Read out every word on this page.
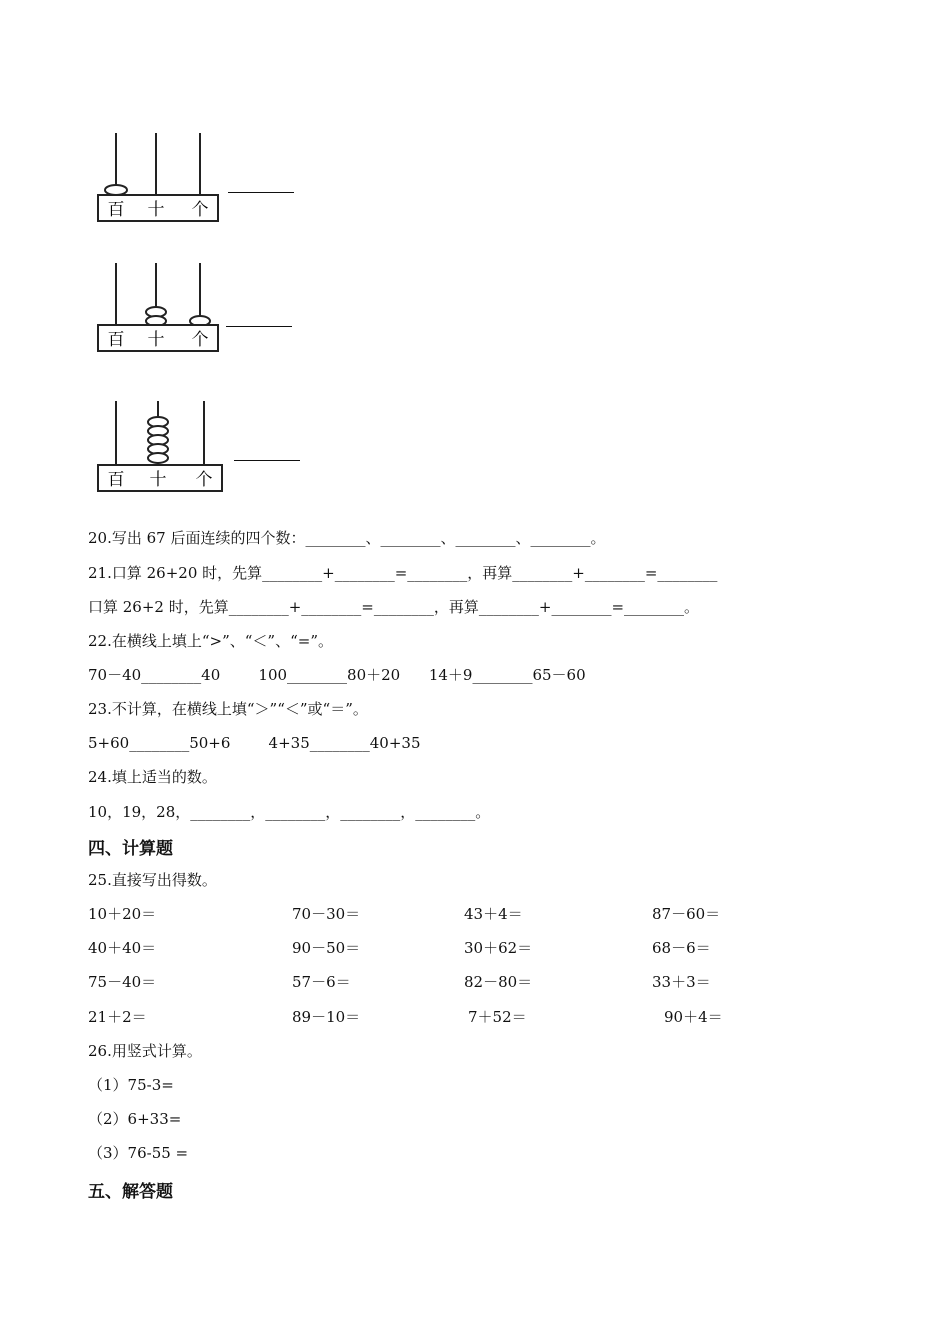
百 十 个
百 十 个
百 十 个
20.写出 67 后面连续的四个数：________、________、________、________。
21.口算 26+20 时，先算________+________=________，再算________+________=________
口算 26+2 时，先算________+________=________，再算________+________=________。
22.在横线上填上“>”、“＜”、“=”。
70－40________40        100________80＋20      14＋9________65－60
23.不计算，在横线上填“＞”“＜”或“＝”。
5+60________50+6        4+35________40+35
24.填上适当的数。
10，19，28，________，________，________，________。
四、计算题
25.直接写出得数。
10＋20＝	70－30＝	43＋4＝	87－60＝
40＋40＝	90－50＝	30＋62＝	68－6＝
75－40＝	57－6＝	82－80＝	33＋3＝
21＋2＝	89－10＝	7＋52＝	90＋4＝
26.用竖式计算。
（1）75-3=
（2）6+33=
（3）76-55 =
五、解答题
